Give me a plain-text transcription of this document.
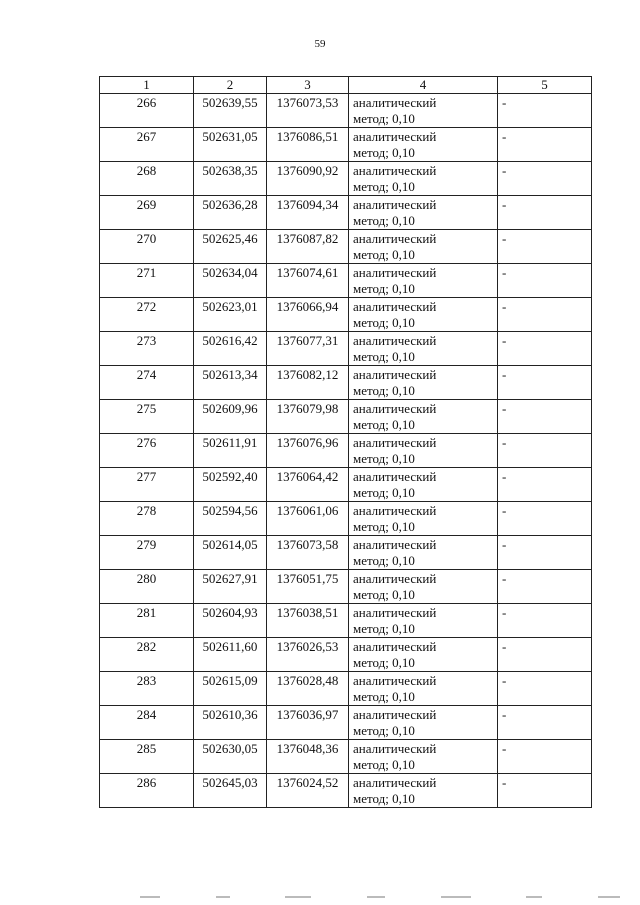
59
1	2	3	4	5
266	502639,55	1376073,53	аналитический
метод; 0,10	-
267	502631,05	1376086,51	аналитический
метод; 0,10	-
268	502638,35	1376090,92	аналитический
метод; 0,10	-
269	502636,28	1376094,34	аналитический
метод; 0,10	-
270	502625,46	1376087,82	аналитический
метод; 0,10	-
271	502634,04	1376074,61	аналитический
метод; 0,10	-
272	502623,01	1376066,94	аналитический
метод; 0,10	-
273	502616,42	1376077,31	аналитический
метод; 0,10	-
274	502613,34	1376082,12	аналитический
метод; 0,10	-
275	502609,96	1376079,98	аналитический
метод; 0,10	-
276	502611,91	1376076,96	аналитический
метод; 0,10	-
277	502592,40	1376064,42	аналитический
метод; 0,10	-
278	502594,56	1376061,06	аналитический
метод; 0,10	-
279	502614,05	1376073,58	аналитический
метод; 0,10	-
280	502627,91	1376051,75	аналитический
метод; 0,10	-
281	502604,93	1376038,51	аналитический
метод; 0,10	-
282	502611,60	1376026,53	аналитический
метод; 0,10	-
283	502615,09	1376028,48	аналитический
метод; 0,10	-
284	502610,36	1376036,97	аналитический
метод; 0,10	-
285	502630,05	1376048,36	аналитический
метод; 0,10	-
286	502645,03	1376024,52	аналитический
метод; 0,10	-
